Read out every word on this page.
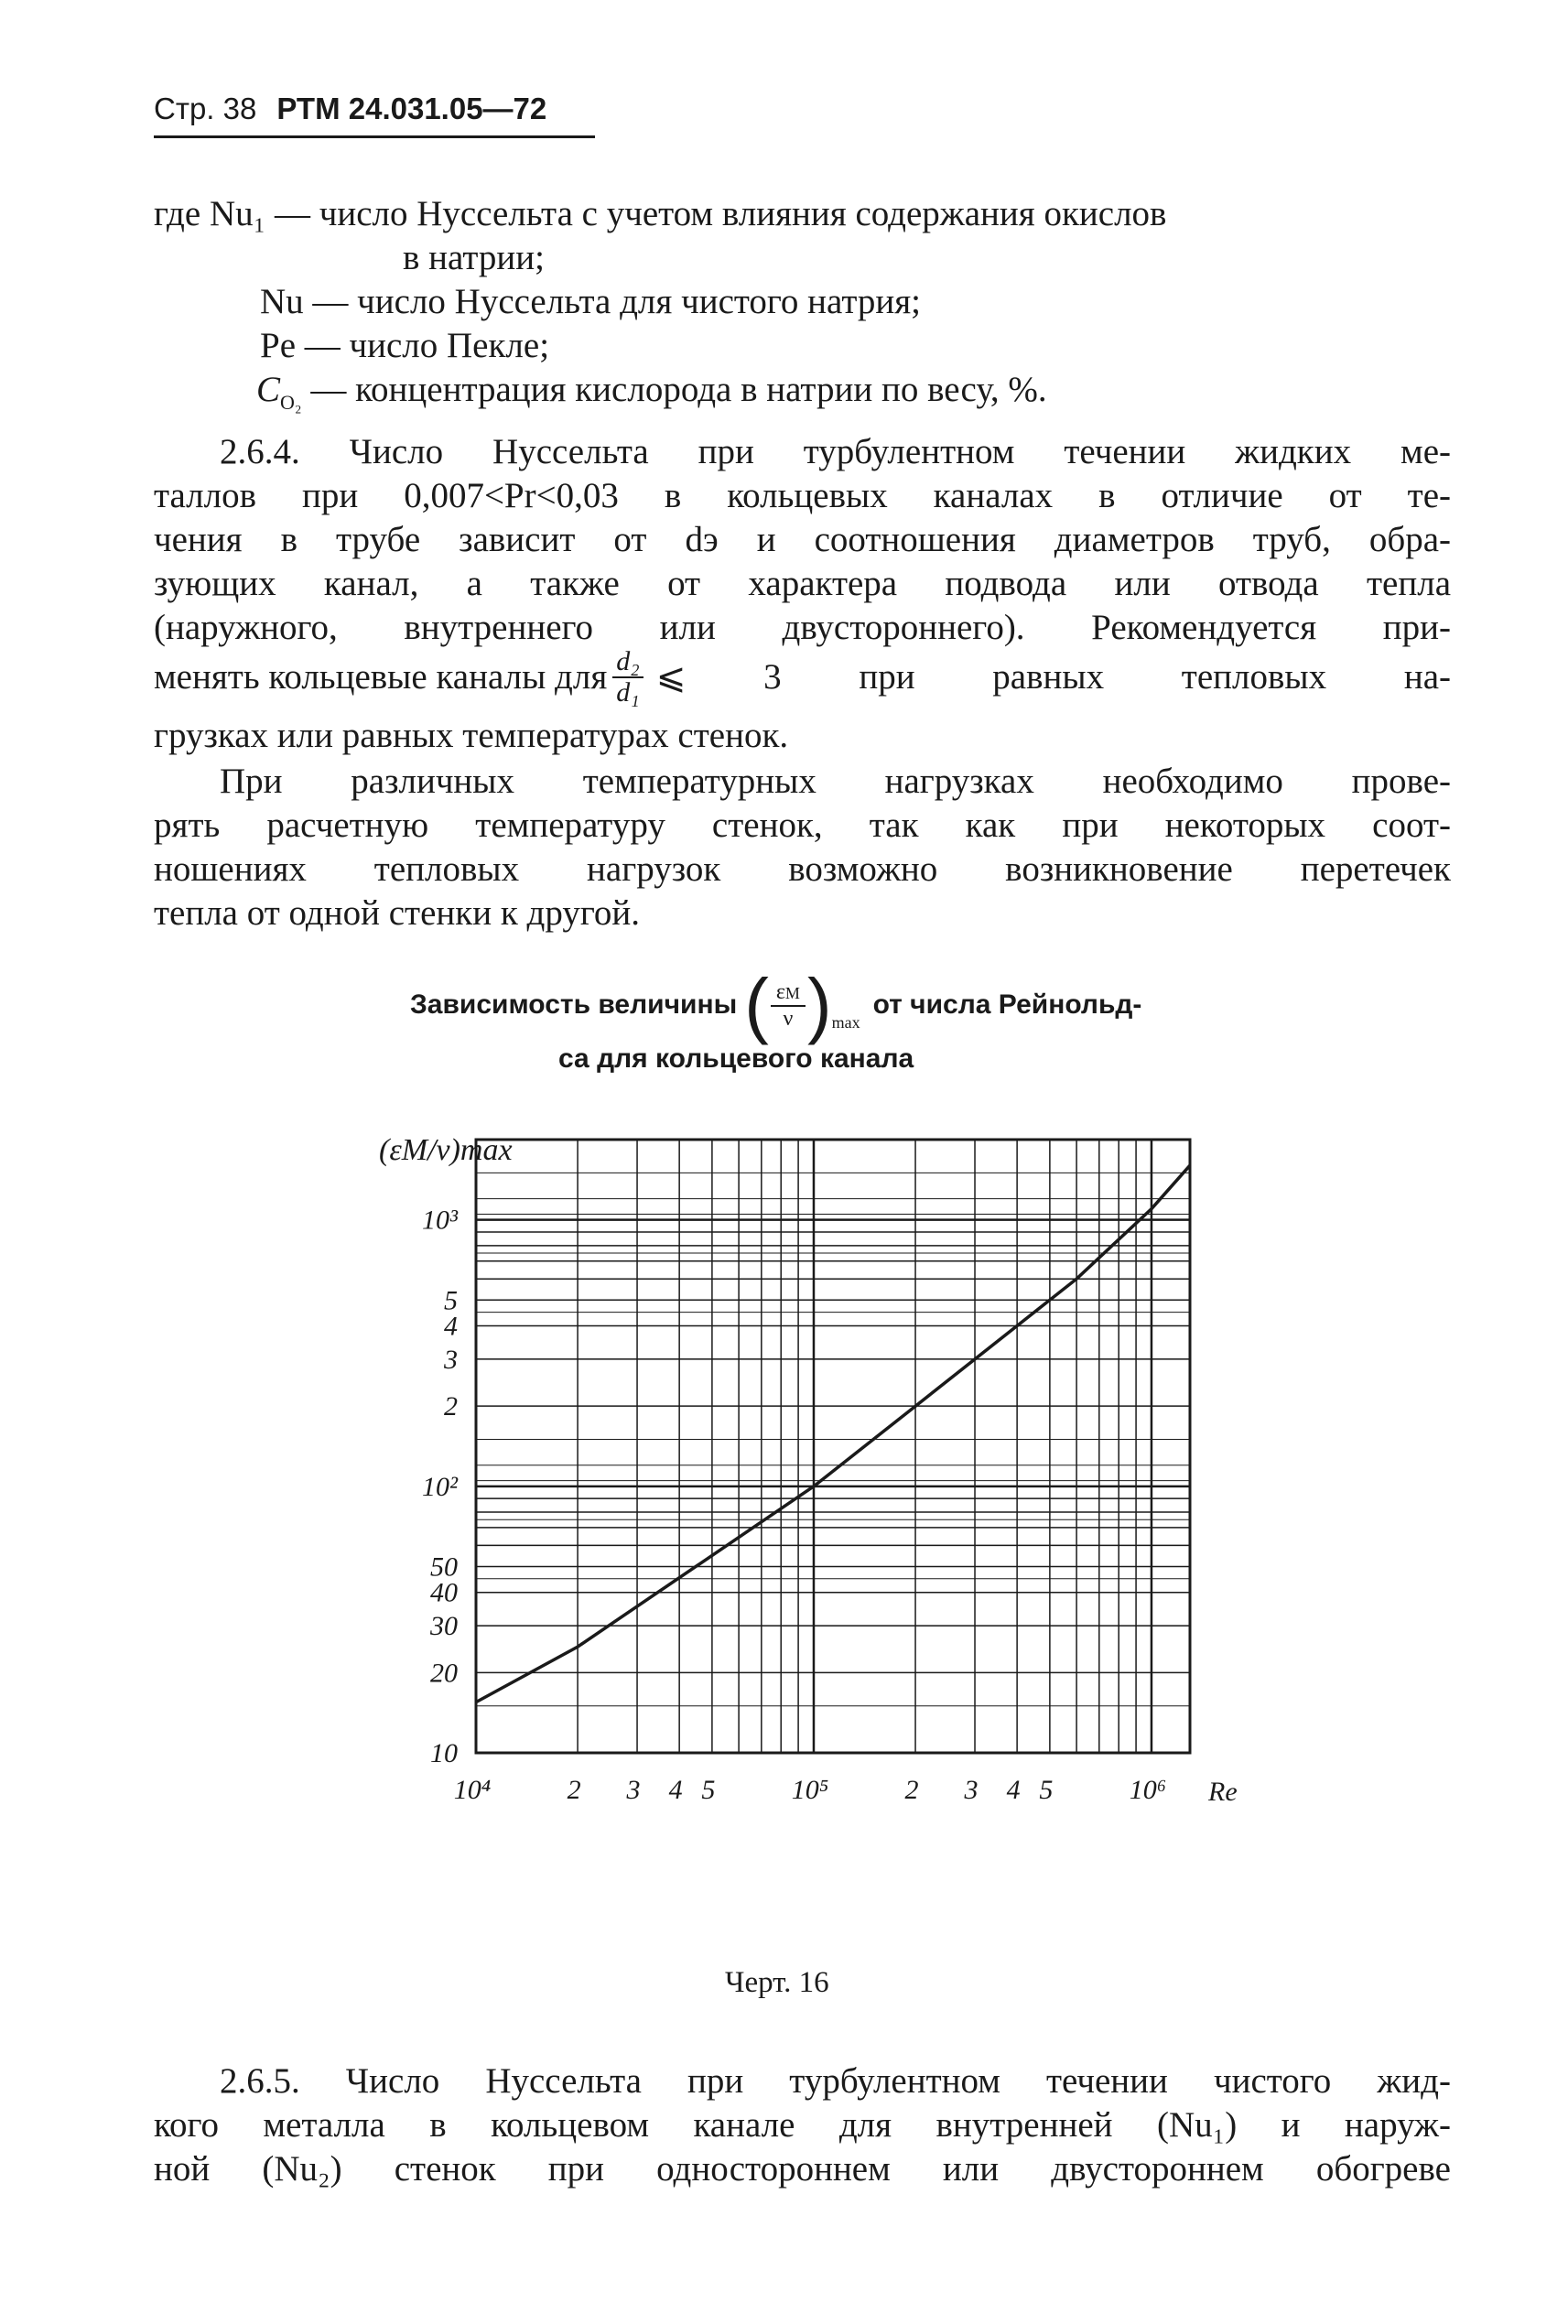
Стр. 38 РТМ 24.031.05—72
где Nu₁ — число Нуссельта с учетом влияния содержания окислов
в натрии;
Nu — число Нуссельта для чистого натрия;
Pe — число Пекле;
$C_{O_2}$ — концентрация кислорода в натрии по весу, %.
2.6.4. Число Нуссельта при турбулентном течении жидких ме-
таллов при 0,007<Pr<0,03 в кольцевых каналах в отличие от те-
чения в трубе зависит от dэ и соотношения диаметров труб, обра-
зующих канал, а также от характера подвода или отвода тепла
(наружного, внутреннего или двустороннего). Рекомендуется при-
менять кольцевые каналы для $\frac{\text{d₂}}{\text{d₁}}$ ⩽ 3 при равных тепловых на-
грузках или равных температурах стенок.
При различных температурных нагрузках необходимо прове-
рять расчетную температуру стенок, так как при некоторых соот-
ношениях тепловых нагрузок возможно возникновение перетечек
тепла от одной стенки к другой.
Зависимость величины ( εM
ν ) max
от числа Рейнольд-
са для кольцевого канала
10⁴	2 3 4 5	10⁵	2 3 4 5	10⁶
10
20
30
40
50
10²
2
3
4
5
10³
Re
(εM/ν)max
Черт. 16
2.6.5. Число Нуссельта при турбулентном течении чистого жид-
кого металла в кольцевом канале для внутренней (Nu₁) и наруж-
ной (Nu₂) стенок при одностороннем или двустороннем обогреве
